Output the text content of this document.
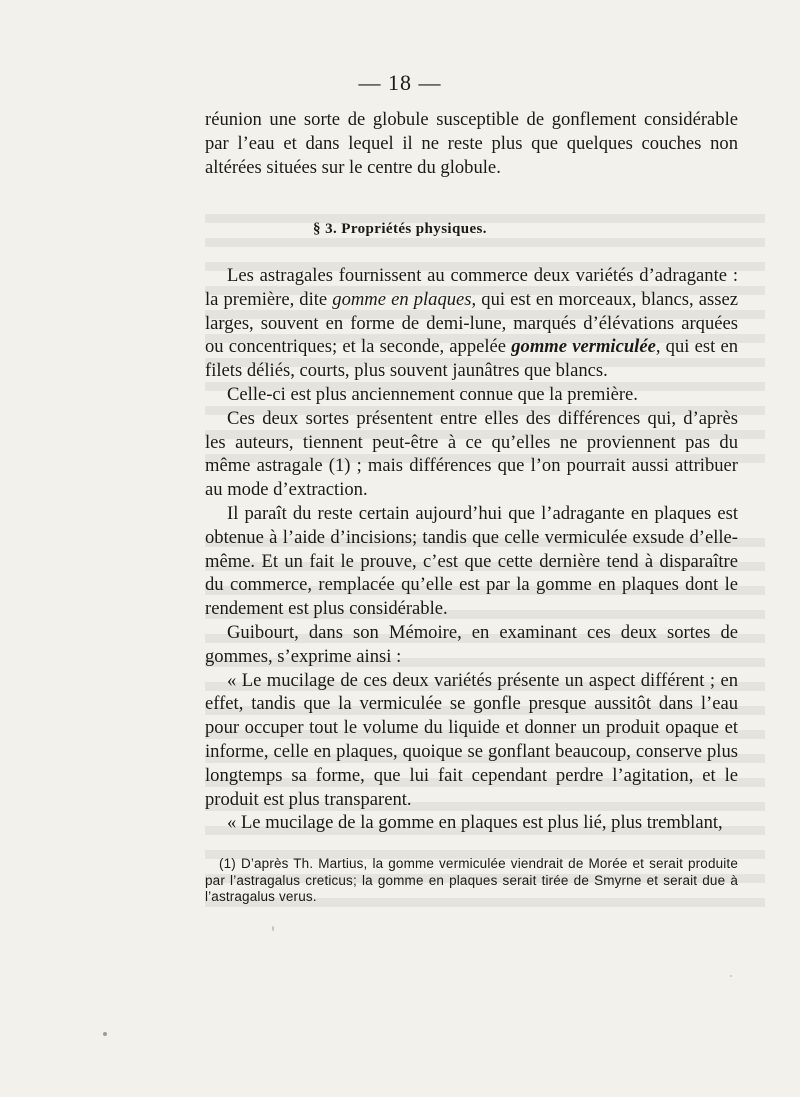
— 18 —

réunion une sorte de globule susceptible de gonflement considérable par l’eau et dans lequel il ne reste plus que quelques couches non altérées situées sur le centre du globule.

§ 3. Propriétés physiques.

Les astragales fournissent au commerce deux variétés d’adragante : la première, dite gomme en plaques, qui est en morceaux, blancs, assez larges, souvent en forme de demi-lune, marqués d’élévations arquées ou concentriques; et la seconde, appelée gomme vermiculée, qui est en filets déliés, courts, plus souvent jaunâtres que blancs.

Celle-ci est plus anciennement connue que la première.

Ces deux sortes présentent entre elles des différences qui, d’après les auteurs, tiennent peut-être à ce qu’elles ne proviennent pas du même astragale (1) ; mais différences que l’on pourrait aussi attribuer au mode d’extraction.

Il paraît du reste certain aujourd’hui que l’adragante en plaques est obtenue à l’aide d’incisions; tandis que celle vermiculée exsude d’elle-même. Et un fait le prouve, c’est que cette dernière tend à disparaître du commerce, remplacée qu’elle est par la gomme en plaques dont le rendement est plus considérable.

Guibourt, dans son Mémoire, en examinant ces deux sortes de gommes, s’exprime ainsi :

« Le mucilage de ces deux variétés présente un aspect différent ; en effet, tandis que la vermiculée se gonfle presque aussitôt dans l’eau pour occuper tout le volume du liquide et donner un produit opaque et informe, celle en plaques, quoique se gonflant beaucoup, conserve plus longtemps sa forme, que lui fait cependant perdre l’agitation, et le produit est plus transparent.

« Le mucilage de la gomme en plaques est plus lié, plus tremblant,

(1) D’après Th. Martius, la gomme vermiculée viendrait de Morée et serait produite par l’astragalus creticus; la gomme en plaques serait tirée de Smyrne et serait due à l’astragalus verus.
